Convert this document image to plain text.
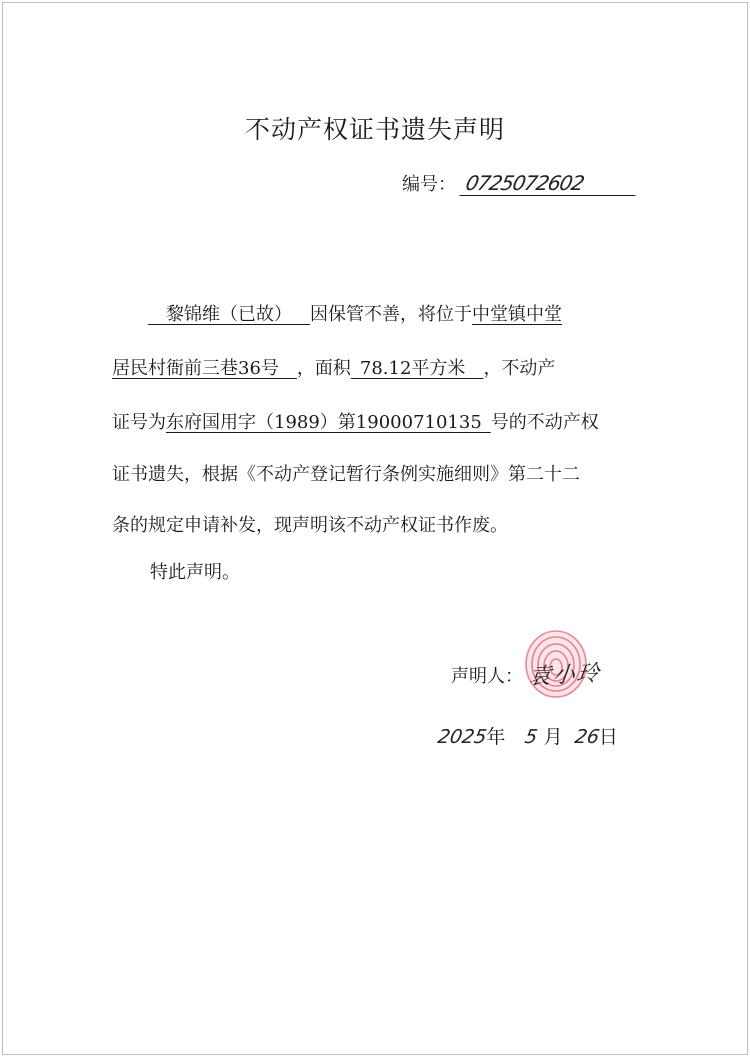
不动产权证书遗失声明
编号： 0725072602
 黎锦维（已故）  因保管不善，将位于中堂镇中堂
居民村衙前三巷36号  ，面积  78.12平方米  ，不动产
证号为东府国用字（1989）第19000710135  号的不动产权
证书遗失，根据《不动产登记暂行条例实施细则》第二十二
条的规定申请补发，现声明该不动产权证书作废。
特此声明。
声明人： 袁小玲
2025年 5 月 26日
